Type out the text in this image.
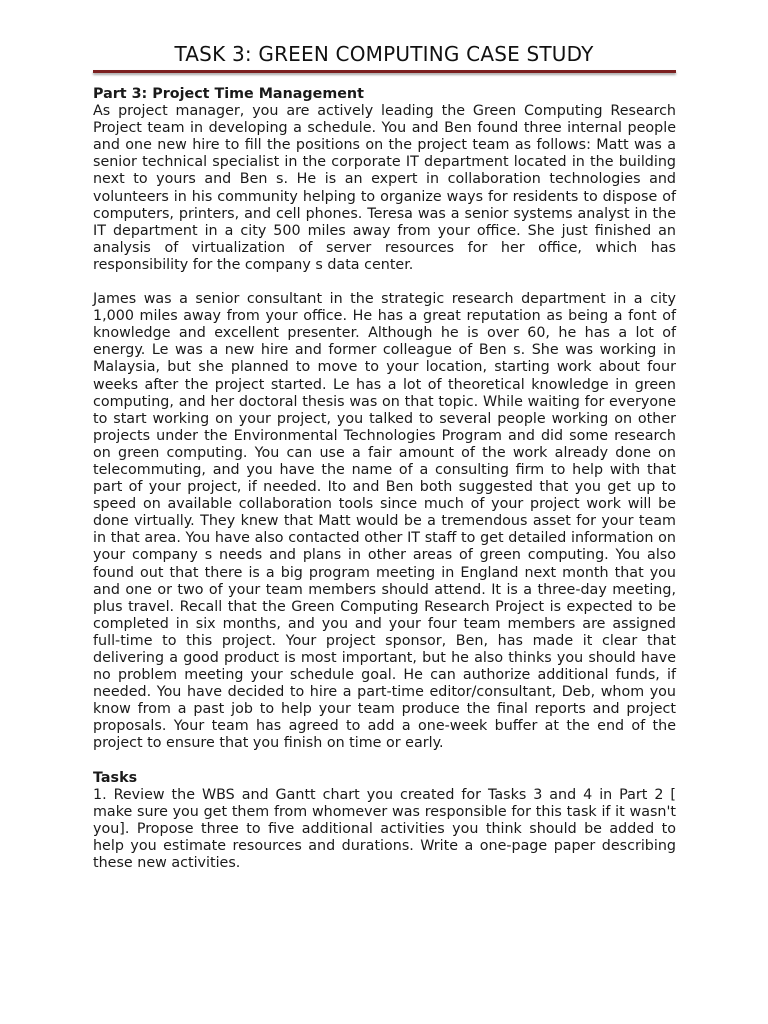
TASK 3: GREEN COMPUTING CASE STUDY

Part 3: Project Time Management

As project manager, you are actively leading the Green Computing Research Project team in developing a schedule. You and Ben found three internal people and one new hire to fill the positions on the project team as follows: Matt was a senior technical specialist in the corporate IT department located in the building next to yours and Ben s. He is an expert in collaboration technologies and volunteers in his community helping to organize ways for residents to dispose of computers, printers, and cell phones. Teresa was a senior systems analyst in the IT department in a city 500 miles away from your office. She just finished an analysis of virtualization of server resources for her office, which has responsibility for the company s data center.

James was a senior consultant in the strategic research department in a city 1,000 miles away from your office. He has a great reputation as being a font of knowledge and excellent presenter. Although he is over 60, he has a lot of energy. Le was a new hire and former colleague of Ben s. She was working in Malaysia, but she planned to move to your location, starting work about four weeks after the project started. Le has a lot of theoretical knowledge in green computing, and her doctoral thesis was on that topic. While waiting for everyone to start working on your project, you talked to several people working on other projects under the Environmental Technologies Program and did some research on green computing. You can use a fair amount of the work already done on telecommuting, and you have the name of a consulting firm to help with that part of your project, if needed. Ito and Ben both suggested that you get up to speed on available collaboration tools since much of your project work will be done virtually. They knew that Matt would be a tremendous asset for your team in that area. You have also contacted other IT staff to get detailed information on your company s needs and plans in other areas of green computing. You also found out that there is a big program meeting in England next month that you and one or two of your team members should attend. It is a three-day meeting, plus travel. Recall that the Green Computing Research Project is expected to be completed in six months, and you and your four team members are assigned full-time to this project. Your project sponsor, Ben, has made it clear that delivering a good product is most important, but he also thinks you should have no problem meeting your schedule goal. He can authorize additional funds, if needed. You have decided to hire a part-time editor/consultant, Deb, whom you know from a past job to help your team produce the final reports and project proposals. Your team has agreed to add a one-week buffer at the end of the project to ensure that you finish on time or early.

Tasks

1. Review the WBS and Gantt chart you created for Tasks 3 and 4 in Part 2 [ make sure you get them from whomever was responsible for this task if it wasn't you]. Propose three to five additional activities you think should be added to help you estimate resources and durations. Write a one-page paper describing these new activities.
